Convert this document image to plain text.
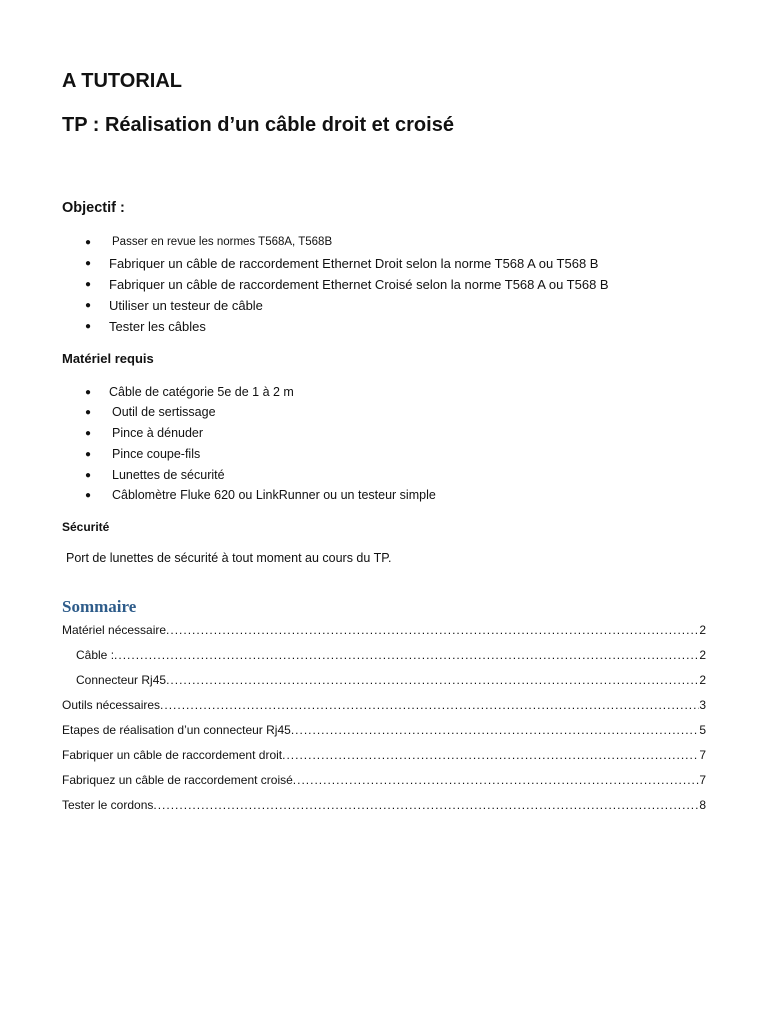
A TUTORIAL
TP : Réalisation d’un câble droit et croisé
Objectif :
● Passer en revue les normes T568A, T568B
● Fabriquer un câble de raccordement Ethernet Droit selon la norme T568 A ou T568 B
● Fabriquer un câble de raccordement Ethernet Croisé selon la norme T568 A ou T568 B
● Utiliser un testeur de câble
● Tester les câbles
Matériel requis
● Câble de catégorie 5e de 1 à 2 m
● Outil de sertissage
● Pince à dénuder
● Pince coupe-fils
● Lunettes de sécurité
● Câblomètre Fluke 620 ou LinkRunner ou un testeur simple
Sécurité
Port de lunettes de sécurité à tout moment au cours du TP.
Sommaire
Matériel nécessaire .....	2
Câble : .....	2
Connecteur Rj45 .....	2
Outils nécessaires .....	3
Etapes de réalisation d’un connecteur Rj45 .....	5
Fabriquer un câble de raccordement droit .....	7
Fabriquez un câble de raccordement croisé .....	7
Tester le cordons .....	8
